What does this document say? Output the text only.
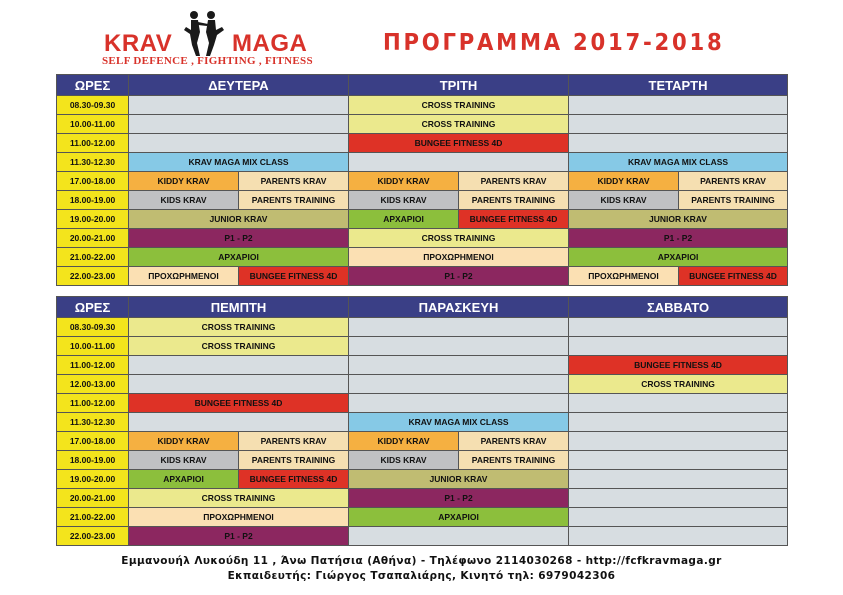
KRAV MAGA
SELF DEFENCE , FIGHTING , FITNESS
ΠΡΟΓΡΑΜΜΑ 2017-2018
ΩΡΕΣ	ΔΕΥΤΕΡΑ		ΤΡΙΤΗ		ΤΕΤΑΡΤΗ	
08.30-09.30			CROSS TRAINING			
10.00-11.00			CROSS TRAINING			
11.00-12.00			BUNGEE FITNESS 4D			
11.30-12.30	KRAV MAGA MIX CLASS				KRAV MAGA MIX CLASS	
17.00-18.00	KIDDY KRAV	PARENTS KRAV	KIDDY KRAV	PARENTS KRAV	KIDDY KRAV	PARENTS KRAV
18.00-19.00	KIDS KRAV	PARENTS TRAINING	KIDS KRAV	PARENTS TRAINING	KIDS KRAV	PARENTS TRAINING
19.00-20.00	JUNIOR KRAV		ΑΡΧΑΡΙΟΙ	BUNGEE FITNESS 4D	JUNIOR KRAV	
20.00-21.00	P1 - P2		CROSS TRAINING		P1 - P2	
21.00-22.00	ΑΡΧΑΡΙΟΙ		ΠΡΟΧΩΡΗΜΕΝΟΙ		ΑΡΧΑΡΙΟΙ	
22.00-23.00	ΠΡΟΧΩΡΗΜΕΝΟΙ	BUNGEE FITNESS 4D	P1 - P2		ΠΡΟΧΩΡΗΜΕΝΟΙ	BUNGEE FITNESS 4D

ΩΡΕΣ	ΠΕΜΠΤΗ		ΠΑΡΑΣΚΕΥΗ		ΣΑΒΒΑΤΟ
08.30-09.30	CROSS TRAINING				
10.00-11.00	CROSS TRAINING				
11.00-12.00					BUNGEE FITNESS 4D
12.00-13.00					CROSS TRAINING
11.00-12.00	BUNGEE FITNESS 4D				
11.30-12.30			KRAV MAGA MIX CLASS		
17.00-18.00	KIDDY KRAV	PARENTS KRAV	KIDDY KRAV	PARENTS KRAV	
18.00-19.00	KIDS KRAV	PARENTS TRAINING	KIDS KRAV	PARENTS TRAINING	
19.00-20.00	ΑΡΧΑΡΙΟΙ	BUNGEE FITNESS 4D	JUNIOR KRAV		
20.00-21.00	CROSS TRAINING		P1 - P2		
21.00-22.00	ΠΡΟΧΩΡΗΜΕΝΟΙ		ΑΡΧΑΡΙΟΙ		
22.00-23.00	P1 - P2				
Εμμανουήλ Λυκούδη 11 , Άνω Πατήσια (Αθήνα) - Τηλέφωνο 2114030268 - http://fcfkravmaga.gr
Εκπαιδευτής: Γιώργος Τσαπαλιάρης, Κινητό τηλ: 6979042306
